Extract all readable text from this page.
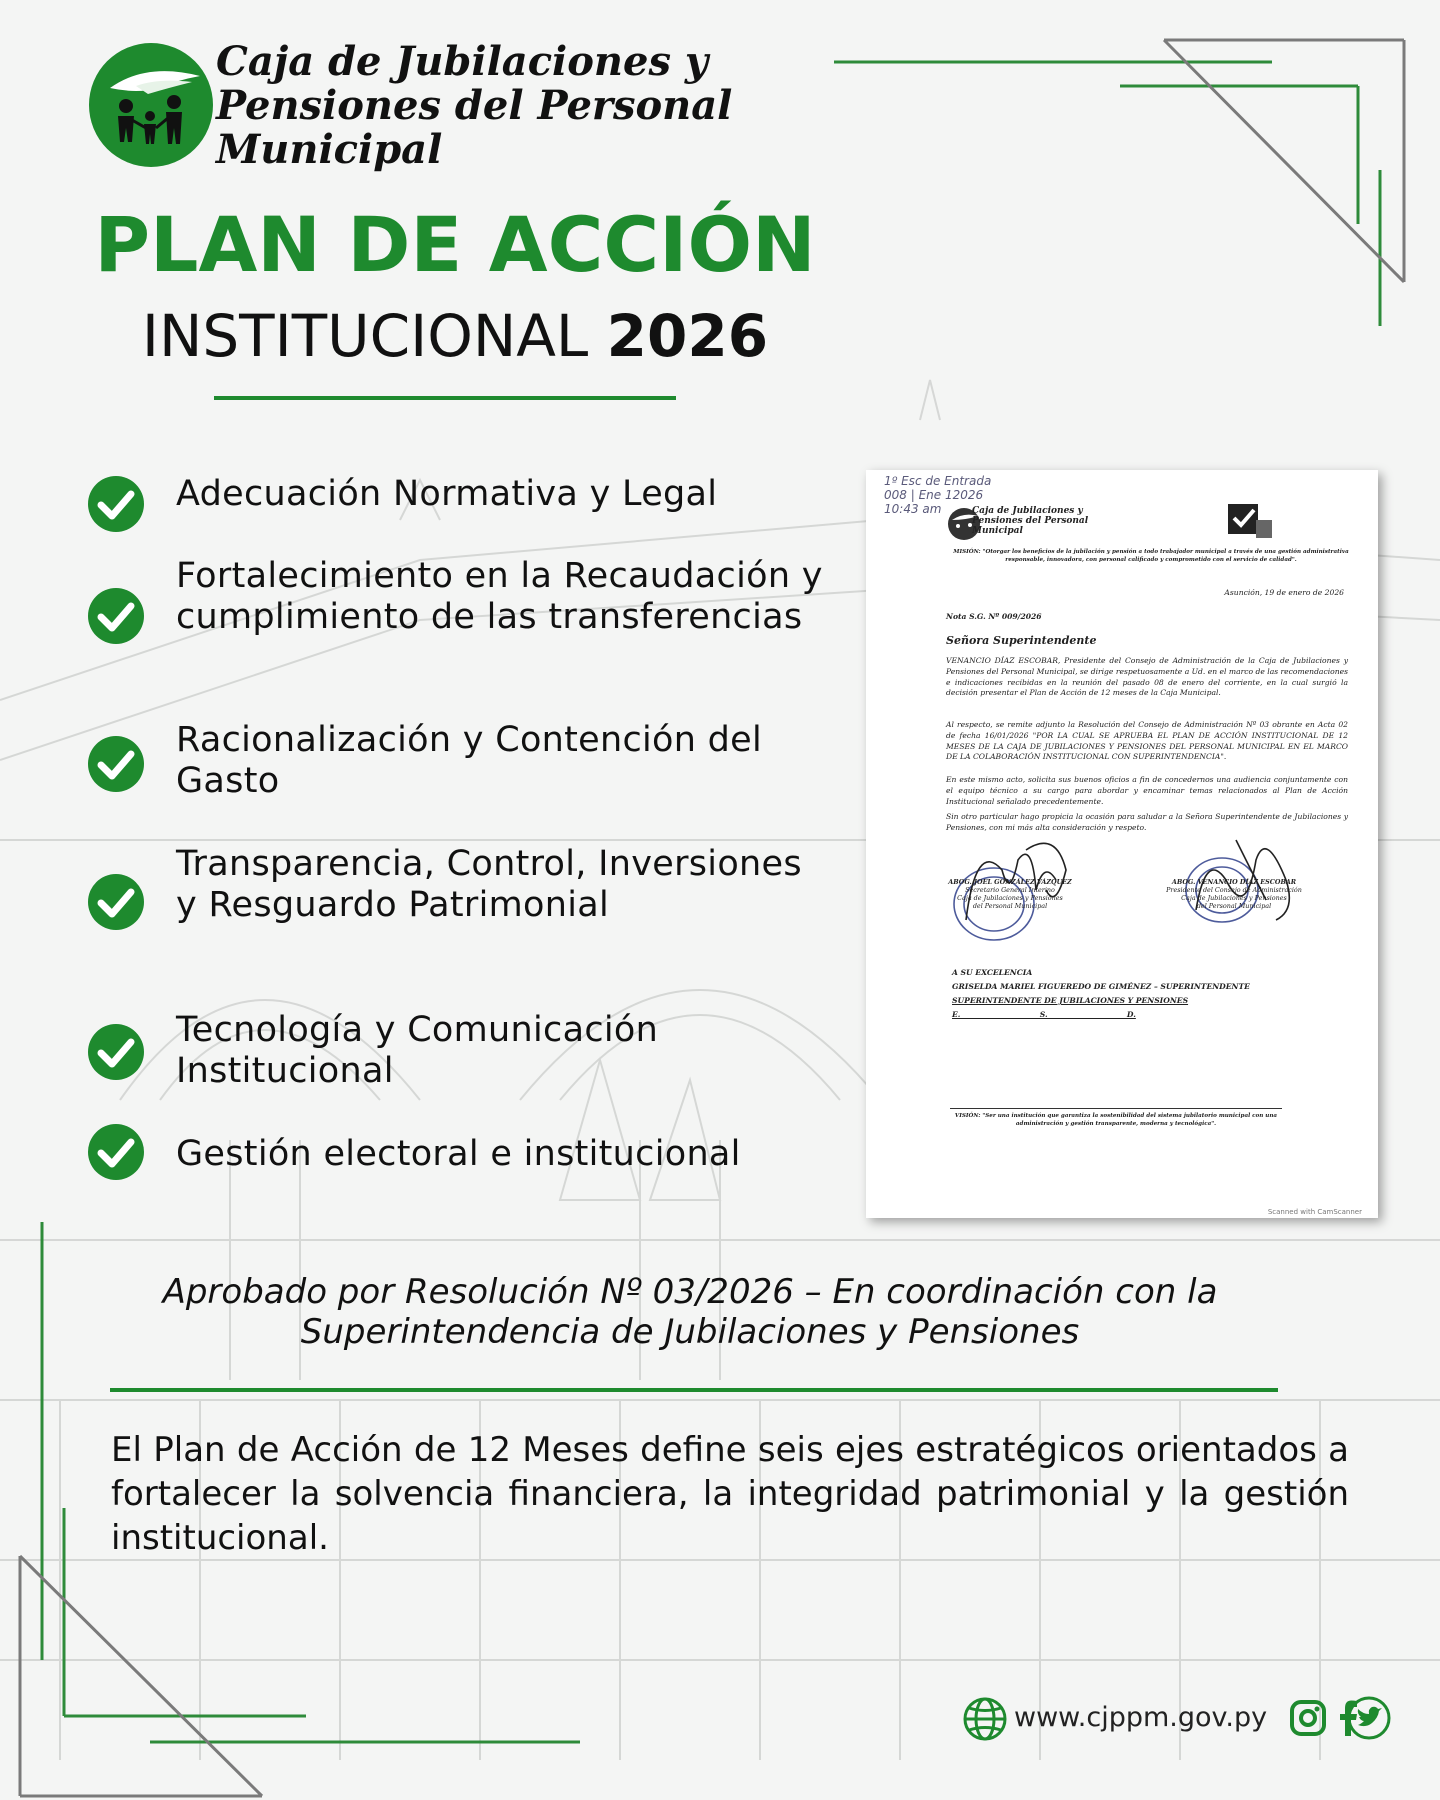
Caja de Jubilaciones y
Pensiones del Personal
Municipal
PLAN DE ACCIÓN

INSTITUCIONAL 2026

Adecuación Normativa y Legal
Fortalecimiento en la Recaudación y cumplimiento de las transferencias
Racionalización y Contención del Gasto
Transparencia, Control, Inversiones y Resguardo Patrimonial
Tecnología y Comunicación Institucional
Gestión electoral e institucional
1º Esc de Entrada
008 | Ene 12026
10:43 am	Caja de Jubilaciones y
Pensiones del Personal
Municipal
MISIÓN: "Otorgar los beneficios de la jubilación y pensión a todo trabajador municipal a través de una gestión administrativa responsable, innovadora, con personal calificado y comprometido con el servicio de calidad".
Asunción, 19 de enero de 2026
Nota S.G. Nº 009/2026
Señora Superintendente
VENANCIO DÍAZ ESCOBAR, Presidente del Consejo de Administración de la Caja de Jubilaciones y Pensiones del Personal Municipal, se dirige respetuosamente a Ud. en el marco de las recomendaciones e indicaciones recibidas en la reunión del pasado 08 de enero del corriente, en la cual surgió la decisión presentar el Plan de Acción de 12 meses de la Caja Municipal.
Al respecto, se remite adjunto la Resolución del Consejo de Administración Nº 03 obrante en Acta 02 de fecha 16/01/2026 "POR LA CUAL SE APRUEBA EL PLAN DE ACCIÓN INSTITUCIONAL DE 12 MESES DE LA CAJA DE JUBILACIONES Y PENSIONES DEL PERSONAL MUNICIPAL EN EL MARCO DE LA COLABORACIÓN INSTITUCIONAL CON SUPERINTENDENCIA".
En este mismo acto, solicita sus buenos oficios a fin de concedernos una audiencia conjuntamente con el equipo técnico a su cargo para abordar y encaminar temas relacionados al Plan de Acción Institucional señalado precedentemente.
Sin otro particular hago propicia la ocasión para saludar a la Señora Superintendente de Jubilaciones y Pensiones, con mi más alta consideración y respeto.
ABOG. JOEL GONZÁLEZ VÁZQUEZ
Secretario General Interino
Caja de Jubilaciones y Pensiones
del Personal Municipal
ABOG. VENANCIO DÍAZ ESCOBAR
Presidente del Consejo de Administración
Caja de Jubilaciones y Pensiones
del Personal Municipal
A SU EXCELENCIA
GRISELDA MARIEL FIGUEREDO DE GIMÉNEZ – SUPERINTENDENTE
SUPERINTENDENTE DE JUBILACIONES Y PENSIONES
E.                              S.                              D.
VISIÓN: "Ser una institución que garantiza la sostenibilidad del sistema jubilatorio municipal con una administración y gestión transparente, moderna y tecnológica".
Scanned with CamScanner

Aprobado por Resolución Nº 03/2026 – En coordinación con la
Superintendencia de Jubilaciones y Pensiones

El Plan de Acción de 12 Meses define seis ejes estratégicos orientados a fortalecer la solvencia financiera, la integridad patrimonial y la gestión institucional.

www.cjppm.gov.py
